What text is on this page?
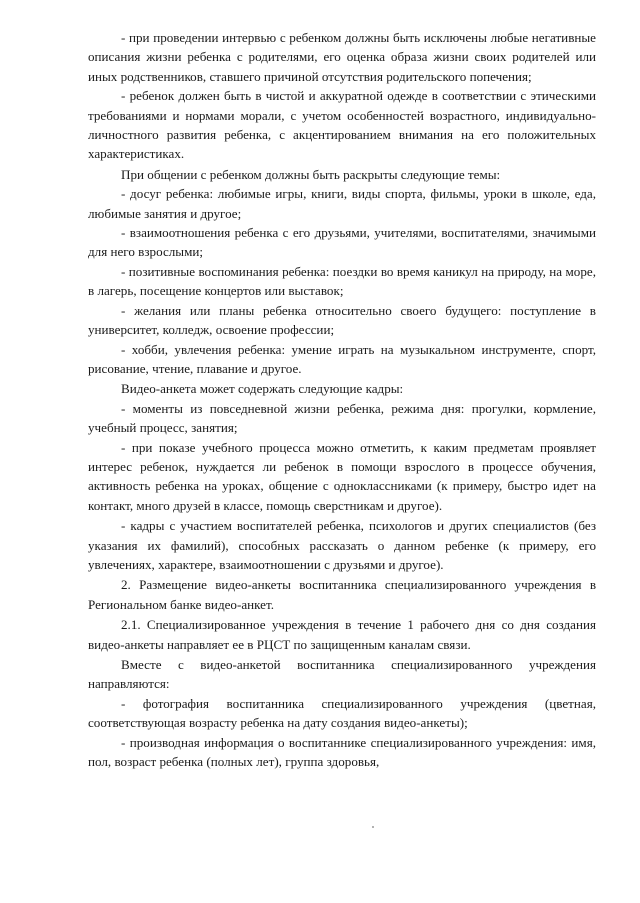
- при проведении интервью с ребенком должны быть исключены любые негативные описания жизни ребенка с родителями, его оценка образа жизни своих родителей или иных родственников, ставшего причиной отсутствия родительского попечения;

- ребенок должен быть в чистой и аккуратной одежде в соответствии с этическими требованиями и нормами морали, с учетом особенностей возрастного, индивидуально-личностного развития ребенка, с акцентированием внимания на его положительных характеристиках.

При общении с ребенком должны быть раскрыты следующие темы:

- досуг ребенка: любимые игры, книги, виды спорта, фильмы, уроки в школе, еда, любимые занятия и другое;

- взаимоотношения ребенка с его друзьями, учителями, воспитателями, значимыми для него взрослыми;

- позитивные воспоминания ребенка: поездки во время каникул на природу, на море, в лагерь, посещение концертов или выставок;

- желания или планы ребенка относительно своего будущего: поступление в университет, колледж, освоение профессии;

- хобби, увлечения ребенка: умение играть на музыкальном инструменте, спорт, рисование, чтение, плавание и другое.

Видео-анкета может содержать следующие кадры:

- моменты из повседневной жизни ребенка, режима дня: прогулки, кормление, учебный процесс, занятия;

- при показе учебного процесса можно отметить, к каким предметам проявляет интерес ребенок, нуждается ли ребенок в помощи взрослого в процессе обучения, активность ребенка на уроках, общение с одноклассниками (к примеру, быстро идет на контакт, много друзей в классе, помощь сверстникам и другое).

- кадры с участием воспитателей ребенка, психологов и других специалистов (без указания их фамилий), способных рассказать о данном ребенке (к примеру, его увлечениях, характере, взаимоотношении с друзьями и другое).

2. Размещение видео-анкеты воспитанника специализированного учреждения в Региональном банке видео-анкет.

2.1. Специализированное учреждения в течение 1 рабочего дня со дня создания видео-анкеты направляет ее в РЦСТ по защищенным каналам связи.

Вместе с видео-анкетой воспитанника специализированного учреждения направляются:

- фотография воспитанника специализированного учреждения (цветная, соответствующая возрасту ребенка на дату создания видео-анкеты);

- производная информация о воспитаннике специализированного учреждения: имя, пол, возраст ребенка (полных лет), группа здоровья,
